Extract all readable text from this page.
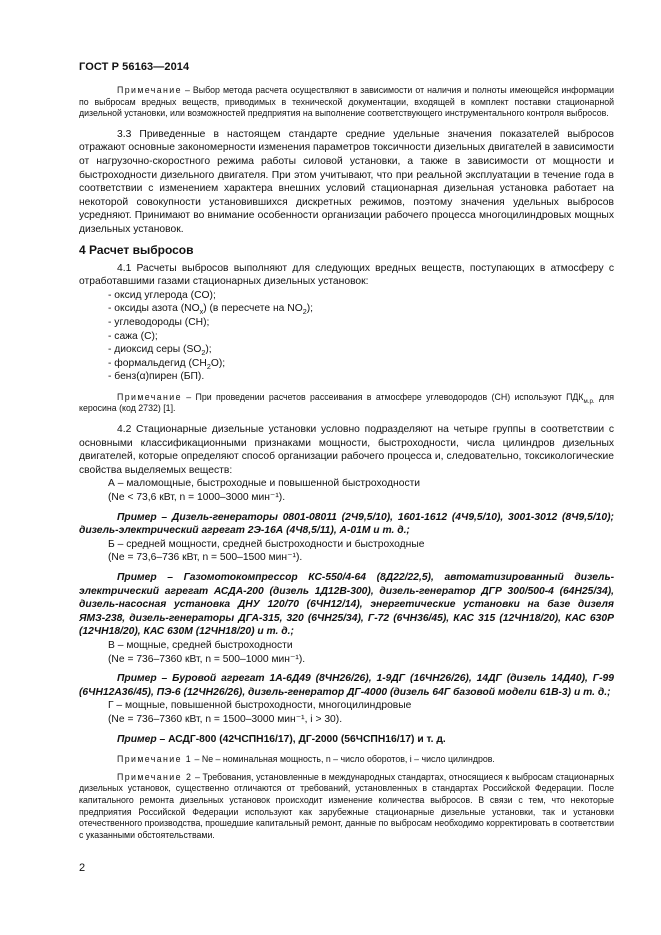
ГОСТ Р 56163—2014

Примечание – Выбор метода расчета осуществляют в зависимости от наличия и полноты имеющейся информации по выбросам вредных веществ, приводимых в технической документации, входящей в комплект поставки стационарной дизельной установки, или возможностей предприятия на выполнение соответствующего инструментального контроля выбросов.

3.3 Приведенные в настоящем стандарте средние удельные значения показателей выбросов отражают основные закономерности изменения параметров токсичности дизельных двигателей в зависимости от нагрузочно-скоростного режима работы силовой установки, а также в зависимости от мощности и быстроходности дизельного двигателя. При этом учитывают, что при реальной эксплуатации в течение года в соответствии с изменением характера внешних условий стационарная дизельная установка работает на некоторой совокупности установившихся дискретных режимов, поэтому значения удельных выбросов усредняют. Принимают во внимание особенности организации рабочего процесса многоцилиндровых мощных дизельных установок.

4 Расчет выбросов

4.1 Расчеты выбросов выполняют для следующих вредных веществ, поступающих в атмосферу с отработавшими газами стационарных дизельных установок:

- оксид углерода (CO);
- оксиды азота $(NO_x)$ (в пересчете на $NO_2$);
- углеводороды (CH);
- сажа (C);
- диоксид серы $(SO_2)$;
- формальдегид $(CH_2O)$;
- бенз(α)пирен (БП).

Примечание – При проведении расчетов рассеивания в атмосфере углеводородов (CH) используют $ПДК_{м.р.}$ для керосина (код 2732) [1].

4.2 Стационарные дизельные установки условно подразделяют на четыре группы в соответствии с основными классификационными признаками мощности, быстроходности, числа цилиндров дизельных двигателей, которые определяют способ организации рабочего процесса и, следовательно, токсикологические свойства выделяемых веществ:

А – маломощные, быстроходные и повышенной быстроходности
(Nе < 73,6 кВт, n = 1000–3000 мин⁻¹).

Пример – Дизель-генераторы 0801-08011 (2Ч9,5/10), 1601-1612 (4Ч9,5/10), 3001-3012 (8Ч9,5/10); дизель-электрический агрегат 2Э-16А (4Ч8,5/11), А-01М и т. д.;

Б – средней мощности, средней быстроходности и быстроходные
(Nе = 73,6–736 кВт, n = 500–1500 мин⁻¹).

Пример – Газомотокомпрессор КС-550/4-64 (8Д22/22,5), автоматизированный дизель-электрический агрегат АСДА-200 (дизель 1Д12В-300), дизель-генератор ДГР 300/500-4 (64Н25/34), дизель-насосная установка ДНУ 120/70 (6ЧН12/14), энергетические установки на базе дизеля ЯМЗ-238, дизель-генераторы ДГА-315, 320 (6ЧН25/34), Г-72 (6ЧН36/45), КАС 315 (12ЧН18/20), КАС 630Р (12ЧН18/20), КАС 630М (12ЧН18/20) и т. д.;

В – мощные, средней быстроходности
(Nе = 736–7360 кВт, n = 500–1000 мин⁻¹).

Пример – Буровой агрегат 1А-6Д49 (8ЧН26/26), 1-9ДГ (16ЧН26/26), 14ДГ (дизель 14Д40), Г-99 (6ЧН12А36/45), ПЭ-6 (12ЧН26/26), дизель-генератор ДГ-4000 (дизель 64Г базовой модели 61В-3) и т. д.;

Г – мощные, повышенной быстроходности, многоцилиндровые
(Nе = 736–7360 кВт, n = 1500–3000 мин⁻¹, i > 30).

Пример – АСДГ-800 (42ЧСПН16/17), ДГ-2000 (56ЧСПН16/17) и т. д.

Примечание 1 – Nе – номинальная мощность, n – число оборотов, i – число цилиндров.

Примечание 2 – Требования, установленные в международных стандартах, относящиеся к выбросам стационарных дизельных установок, существенно отличаются от требований, установленных в стандартах Российской Федерации. После капитального ремонта дизельных установок происходит изменение количества выбросов. В связи с тем, что некоторые предприятия Российской Федерации используют как зарубежные стационарные дизельные установки, так и установки отечественного производства, прошедшие капитальный ремонт, данные по выбросам необходимо корректировать в соответствии с указанными обстоятельствами.

2
